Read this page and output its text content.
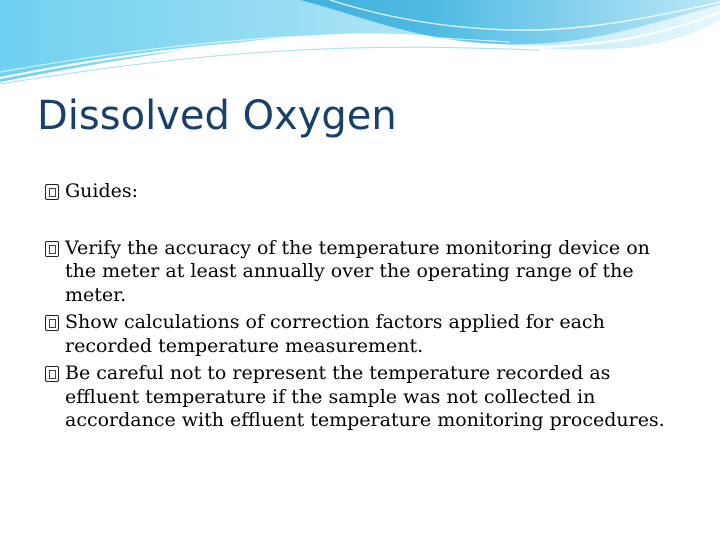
Dissolved Oxygen
Guides:
Verify the accuracy of the temperature monitoring device on the meter at least annually over the operating range of the meter.
Show calculations of correction factors applied for each recorded temperature measurement.
Be careful not to represent the temperature recorded as effluent temperature if the sample was not collected in accordance with effluent temperature monitoring procedures.
